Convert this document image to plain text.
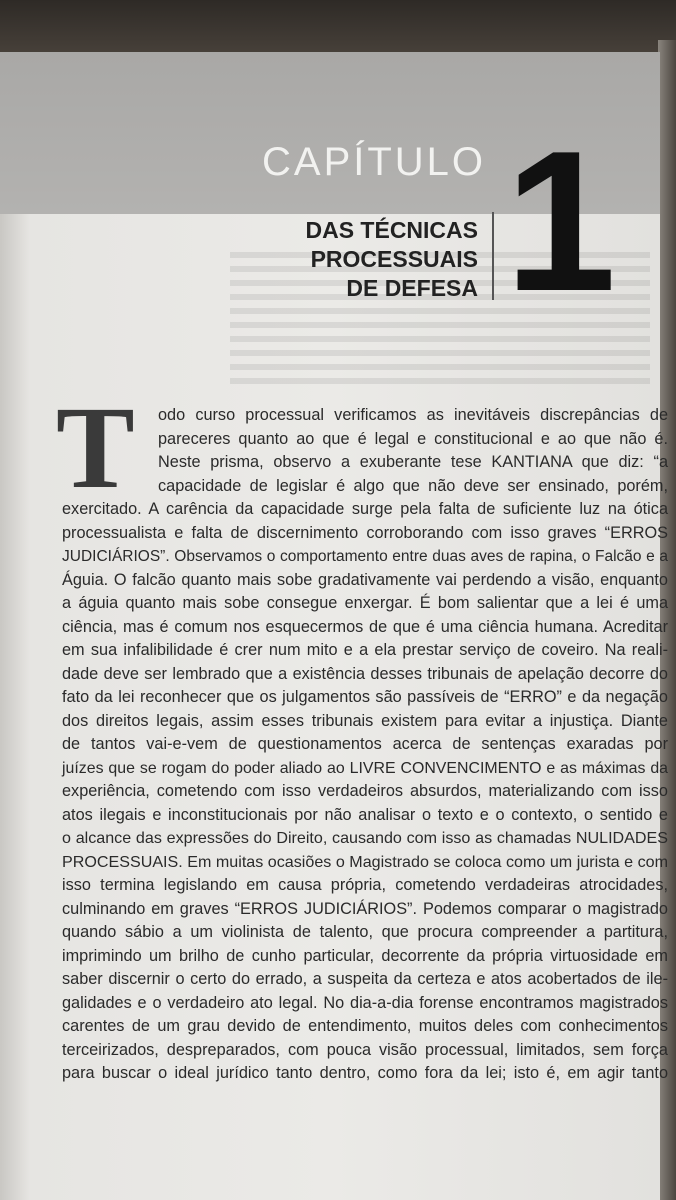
CAPÍTULO 1
DAS TÉCNICAS
PROCESSUAIS
DE DEFESA
T odo curso processual verificamos as inevitáveis discrepâncias de
pareceres quanto ao que é legal e constitucional e ao que não é.
Neste prisma, observo a exuberante tese KANTIANA que diz: “a
capacidade de legislar é algo que não deve ser ensinado, porém,
exercitado. A carência da capacidade surge pela falta de suficiente luz na ótica
processualista e falta de discernimento corroborando com isso graves “ERROS
JUDICIÁRIOS”. Observamos o comportamento entre duas aves de rapina, o Falcão e a
Águia. O falcão quanto mais sobe gradativamente vai perdendo a visão, enquanto
a águia quanto mais sobe consegue enxergar. É bom salientar que a lei é uma
ciência, mas é comum nos esquecermos de que é uma ciência humana. Acreditar
em sua infalibilidade é crer num mito e a ela prestar serviço de coveiro. Na reali-
dade deve ser lembrado que a existência desses tribunais de apelação decorre do
fato da lei reconhecer que os julgamentos são passíveis de “ERRO” e da negação
dos direitos legais, assim esses tribunais existem para evitar a injustiça. Diante
de tantos vai-e-vem de questionamentos acerca de sentenças exaradas por
juízes que se rogam do poder aliado ao LIVRE CONVENCIMENTO e as máximas da
experiência, cometendo com isso verdadeiros absurdos, materializando com isso
atos ilegais e inconstitucionais por não analisar o texto e o contexto, o sentido e
o alcance das expressões do Direito, causando com isso as chamadas NULIDADES
PROCESSUAIS. Em muitas ocasiões o Magistrado se coloca como um jurista e com
isso termina legislando em causa própria, cometendo verdadeiras atrocidades,
culminando em graves “ERROS JUDICIÁRIOS”. Podemos comparar o magistrado
quando sábio a um violinista de talento, que procura compreender a partitura,
imprimindo um brilho de cunho particular, decorrente da própria virtuosidade em
saber discernir o certo do errado, a suspeita da certeza e atos acobertados de ile-
galidades e o verdadeiro ato legal. No dia-a-dia forense encontramos magistrados
carentes de um grau devido de entendimento, muitos deles com conhecimentos
terceirizados, despreparados, com pouca visão processual, limitados, sem força
para buscar o ideal jurídico tanto dentro, como fora da lei; isto é, em agir tanto
